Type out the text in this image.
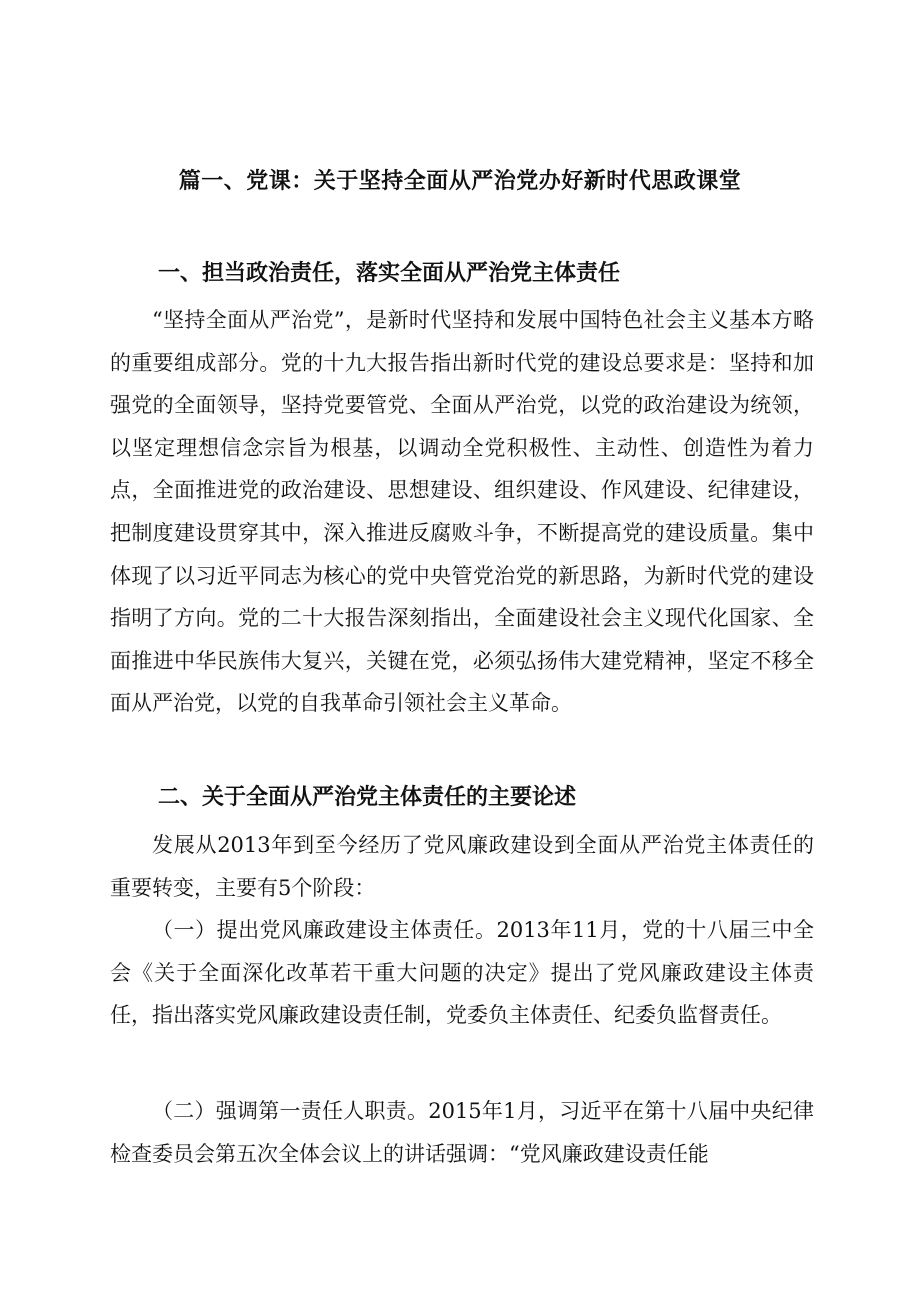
篇一、党课：关于坚持全面从严治党办好新时代思政课堂
一、担当政治责任，落实全面从严治党主体责任

“坚持全面从严治党”，是新时代坚持和发展中国特色社会主义基本方略的重要组成部分。党的十九大报告指出新时代党的建设总要求是：坚持和加强党的全面领导，坚持党要管党、全面从严治党，以党的政治建设为统领，以坚定理想信念宗旨为根基，以调动全党积极性、主动性、创造性为着力点，全面推进党的政治建设、思想建设、组织建设、作风建设、纪律建设，把制度建设贯穿其中，深入推进反腐败斗争，不断提高党的建设质量。集中体现了以习近平同志为核心的党中央管党治党的新思路，为新时代党的建设指明了方向。党的二十大报告深刻指出，全面建设社会主义现代化国家、全面推进中华民族伟大复兴，关键在党，必须弘扬伟大建党精神，坚定不移全面从严治党，以党的自我革命引领社会主义革命。

二、关于全面从严治党主体责任的主要论述

发展从2013年到至今经历了党风廉政建设到全面从严治党主体责任的重要转变，主要有5个阶段：

（一）提出党风廉政建设主体责任。2013年11月，党的十八届三中全会《关于全面深化改革若干重大问题的决定》提出了党风廉政建设主体责任，指出落实党风廉政建设责任制，党委负主体责任、纪委负监督责任。

（二）强调第一责任人职责。2015年1月，习近平在第十八届中央纪律检查委员会第五次全体会议上的讲话强调：“党风廉政建设责任能
